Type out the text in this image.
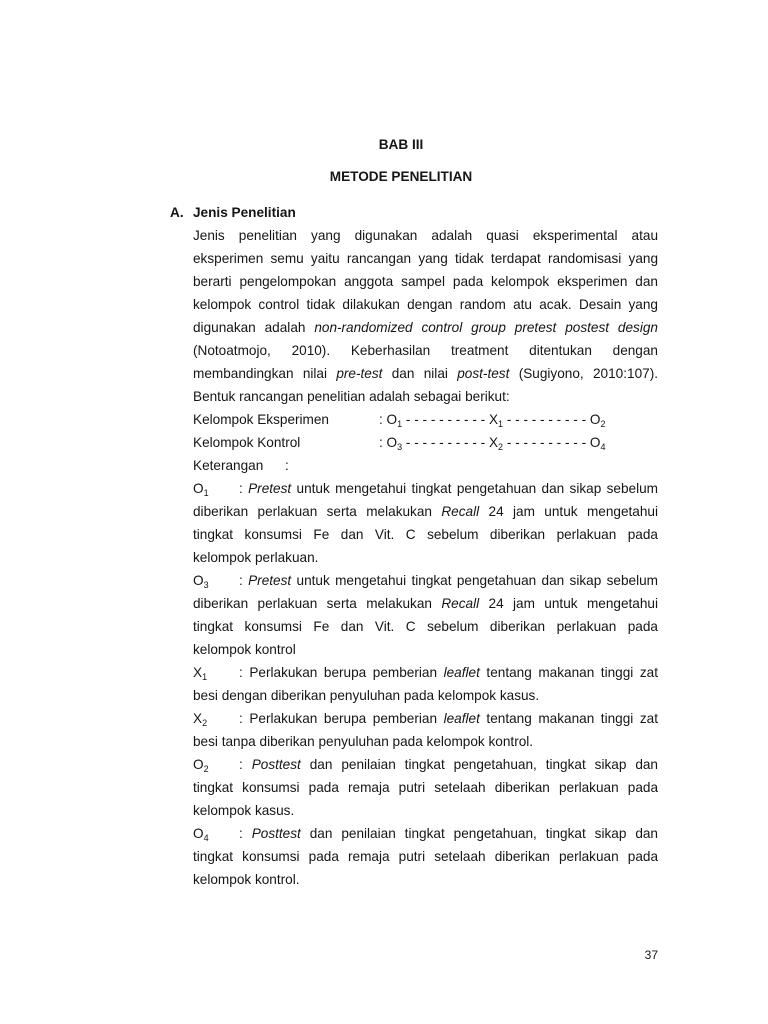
BAB III
METODE PENELITIAN
A. Jenis Penelitian
Jenis penelitian yang digunakan adalah quasi eksperimental atau
eksperimen semu yaitu rancangan yang tidak terdapat randomisasi yang
berarti pengelompokan anggota sampel pada kelompok eksperimen dan
kelompok control tidak dilakukan dengan random atu acak. Desain yang
digunakan adalah non-randomized control group pretest postest design
(Notoatmojo, 2010). Keberhasilan treatment ditentukan dengan
membandingkan nilai pre-test dan nilai post-test (Sugiyono, 2010:107).
Bentuk rancangan penelitian adalah sebagai berikut:
Kelompok Eksperimen	: $O_1$ - - - - - - - - - - $X_1$ - - - - - - - - - - $O_2$
Kelompok Kontrol	: $O_3$ - - - - - - - - - - $X_2$ - - - - - - - - - - $O_4$
Keterangan :
$O_1$ : Pretest untuk mengetahui tingkat pengetahuan dan sikap sebelum
diberikan perlakuan serta melakukan Recall 24 jam untuk mengetahui
tingkat konsumsi Fe dan Vit. C sebelum diberikan perlakuan pada
kelompok perlakuan.
$O_3$ : Pretest untuk mengetahui tingkat pengetahuan dan sikap sebelum
diberikan perlakuan serta melakukan Recall 24 jam untuk mengetahui
tingkat konsumsi Fe dan Vit. C sebelum diberikan perlakuan pada
kelompok kontrol
$X_1$ : Perlakukan berupa pemberian leaflet tentang makanan tinggi zat
besi dengan diberikan penyuluhan pada kelompok kasus.
$X_2$ : Perlakukan berupa pemberian leaflet tentang makanan tinggi zat
besi tanpa diberikan penyuluhan pada kelompok kontrol.
$O_2$ : Posttest dan penilaian tingkat pengetahuan, tingkat sikap dan
tingkat konsumsi pada remaja putri setelaah diberikan perlakuan pada
kelompok kasus.
$O_4$ : Posttest dan penilaian tingkat pengetahuan, tingkat sikap dan
tingkat konsumsi pada remaja putri setelaah diberikan perlakuan pada
kelompok kontrol.
37
